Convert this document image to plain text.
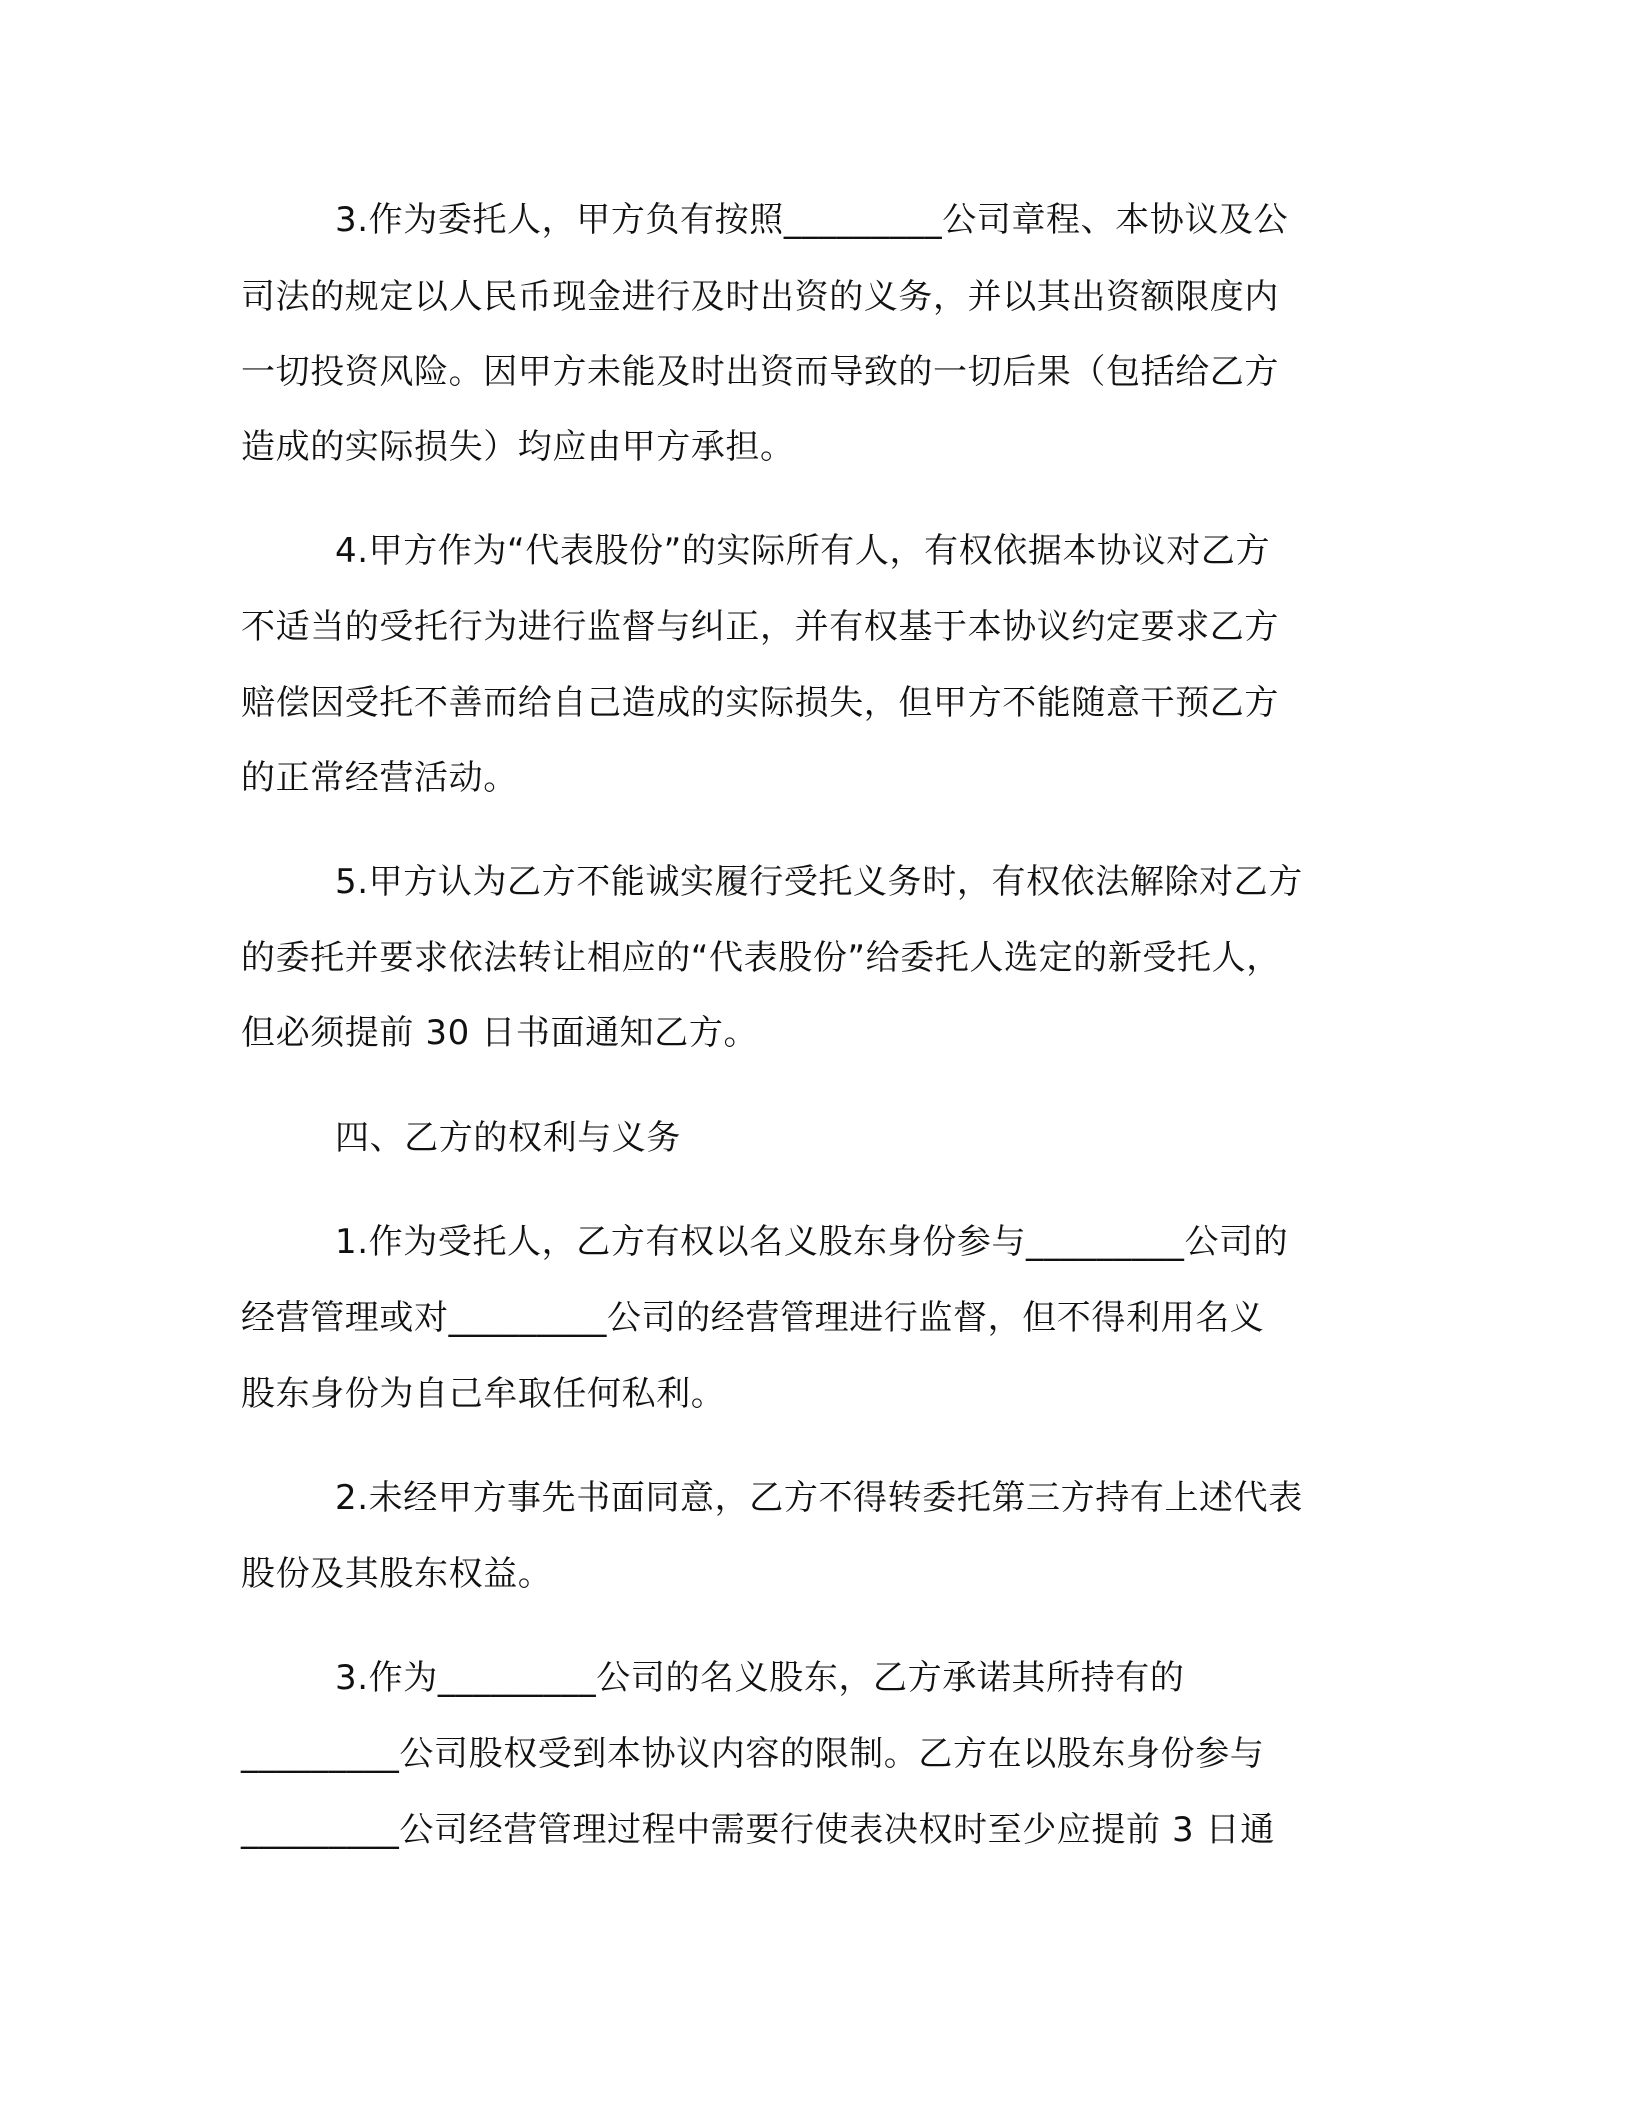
3.作为委托人，甲方负有按照_________公司章程、本协议及公

司法的规定以人民币现金进行及时出资的义务，并以其出资额限度内

一切投资风险。因甲方未能及时出资而导致的一切后果（包括给乙方

造成的实际损失）均应由甲方承担。

4.甲方作为“代表股份”的实际所有人，有权依据本协议对乙方

不适当的受托行为进行监督与纠正，并有权基于本协议约定要求乙方

赔偿因受托不善而给自己造成的实际损失，但甲方不能随意干预乙方

的正常经营活动。

5.甲方认为乙方不能诚实履行受托义务时，有权依法解除对乙方

的委托并要求依法转让相应的“代表股份”给委托人选定的新受托人，

但必须提前 30 日书面通知乙方。

四、乙方的权利与义务

1.作为受托人，乙方有权以名义股东身份参与_________公司的

经营管理或对_________公司的经营管理进行监督，但不得利用名义

股东身份为自己牟取任何私利。

2.未经甲方事先书面同意，乙方不得转委托第三方持有上述代表

股份及其股东权益。

3.作为_________公司的名义股东，乙方承诺其所持有的

_________公司股权受到本协议内容的限制。乙方在以股东身份参与

_________公司经营管理过程中需要行使表决权时至少应提前 3 日通
